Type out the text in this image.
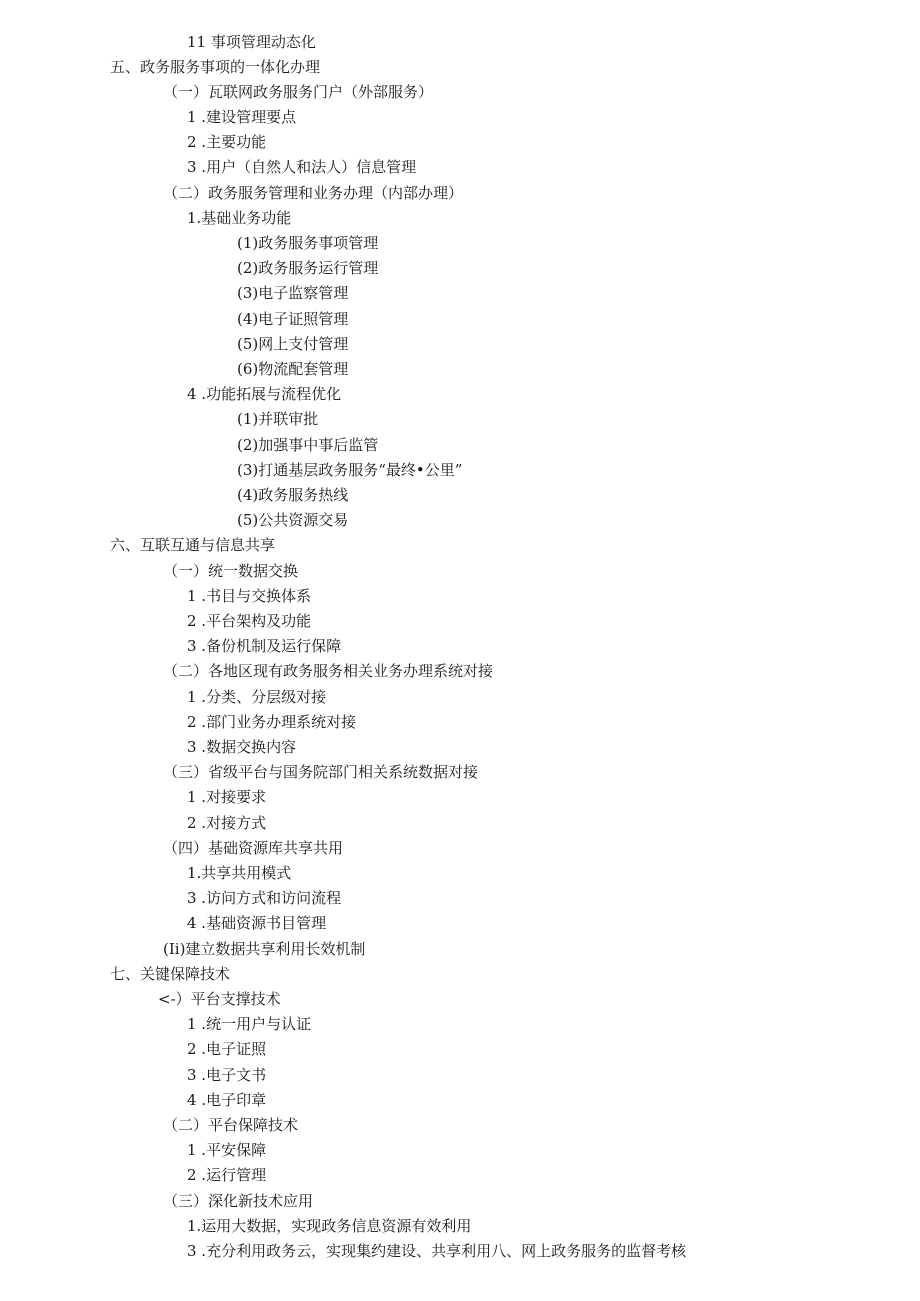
11 事项管理动态化
五、政务服务事项的一体化办理
（一）瓦联网政务服务门户（外部服务）
1 .建设管理要点
2 .主要功能
3 .用户（自然人和法人）信息管理
（二）政务服务管理和业务办理（内部办理）
1.基础业务功能
(1)政务服务事项管理
(2)政务服务运行管理
(3)电子监察管理
(4)电子证照管理
(5)网上支付管理
(6)物流配套管理
4 .功能拓展与流程优化
(1)并联审批
(2)加强事中事后监管
(3)打通基层政务服务“最终•公里”
(4)政务服务热线
(5)公共资源交易
六、互联互通与信息共享
（一）统一数据交换
1 .书目与交换体系
2 .平台架构及功能
3 .备份机制及运行保障
（二）各地区现有政务服务相关业务办理系统对接
1 .分类、分层级对接
2 .部门业务办理系统对接
3 .数据交换内容
（三）省级平台与国务院部门相关系统数据对接
1 .对接要求
2 .对接方式
（四）基础资源库共享共用
1.共享共用模式
3 .访问方式和访问流程
4 .基础资源书目管理
(Ii)建立数据共享利用长效机制
七、关键保障技术
<-）平台支撑技术
1 .统一用户与认证
2 .电子证照
3 .电子文书
4 .电子印章
（二）平台保障技术
1 .平安保障
2 .运行管理
（三）深化新技术应用
1.运用大数据，实现政务信息资源有效利用
3 .充分利用政务云，实现集约建设、共享利用八、网上政务服务的监督考核
